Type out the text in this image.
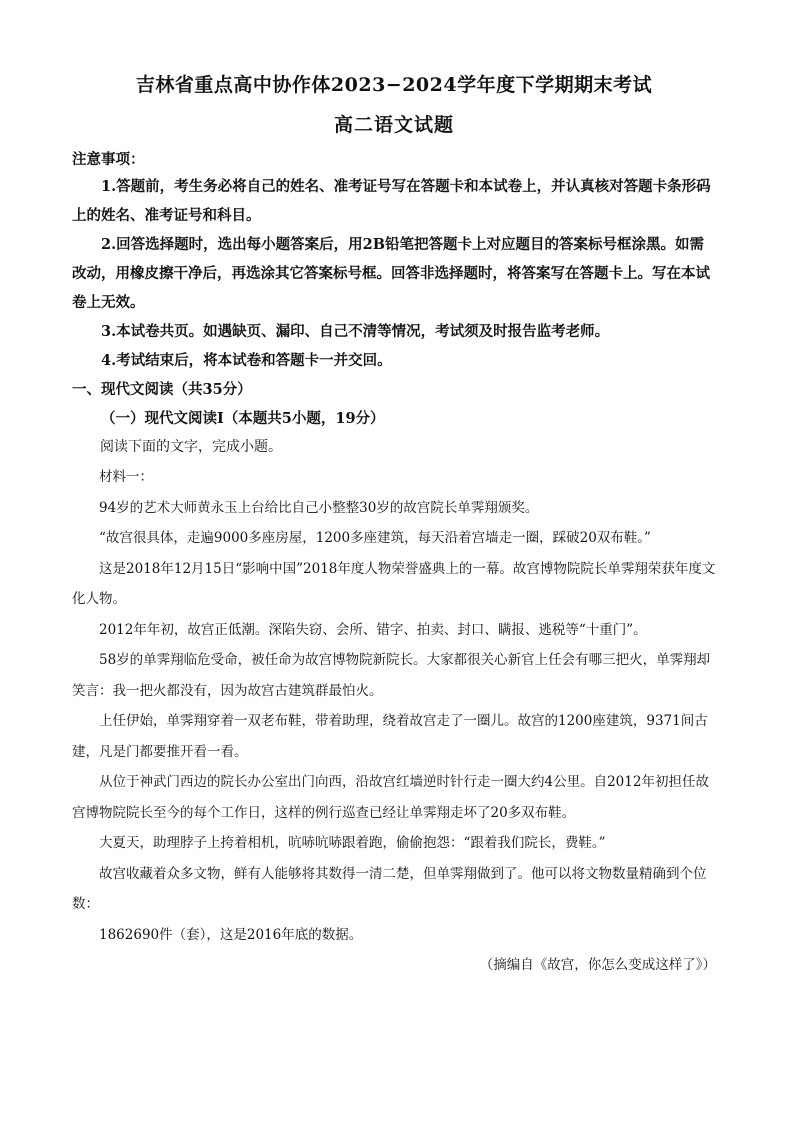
吉林省重点高中协作体2023−2024学年度下学期期末考试
高二语文试题

注意事项：

1.答题前，考生务必将自己的姓名、准考证号写在答题卡和本试卷上，并认真核对答题卡条形码上的姓名、准考证号和科目。

2.回答选择题时，选出每小题答案后，用2B铅笔把答题卡上对应题目的答案标号框涂黑。如需改动，用橡皮擦干净后，再选涂其它答案标号框。回答非选择题时，将答案写在答题卡上。写在本试卷上无效。

3.本试卷共页。如遇缺页、漏印、自己不清等情况，考试须及时报告监考老师。

4.考试结束后，将本试卷和答题卡一并交回。

一、现代文阅读（共35分）

（一）现代文阅读Ⅰ（本题共5小题，19分）

阅读下面的文字，完成小题。

材料一：

94岁的艺术大师黄永玉上台给比自己小整整30岁的故宫院长单霁翔颁奖。

“故宫很具体，走遍9000多座房屋，1200多座建筑，每天沿着宫墙走一圈，踩破20双布鞋。”

这是2018年12月15日“影响中国”2018年度人物荣誉盛典上的一幕。故宫博物院院长单霁翔荣获年度文化人物。

2012年年初，故宫正低潮。深陷失窃、会所、错字、拍卖、封口、瞒报、逃税等“十重门”。

58岁的单霁翔临危受命，被任命为故宫博物院新院长。大家都很关心新官上任会有哪三把火，单霁翔却笑言：我一把火都没有，因为故宫古建筑群最怕火。

上任伊始，单霁翔穿着一双老布鞋，带着助理，绕着故宫走了一圈儿。故宫的1200座建筑，9371间古建，凡是门都要推开看一看。

从位于神武门西边的院长办公室出门向西，沿故宫红墙逆时针行走一圈大约4公里。自2012年初担任故宫博物院院长至今的每个工作日，这样的例行巡查已经让单霁翔走坏了20多双布鞋。

大夏天，助理脖子上挎着相机，吭哧吭哧跟着跑，偷偷抱怨：“跟着我们院长，费鞋。”

故宫收藏着众多文物，鲜有人能够将其数得一清二楚，但单霁翔做到了。他可以将文物数量精确到个位数：

1862690件（套），这是2016年底的数据。

（摘编自《故宫，你怎么变成这样了》）
